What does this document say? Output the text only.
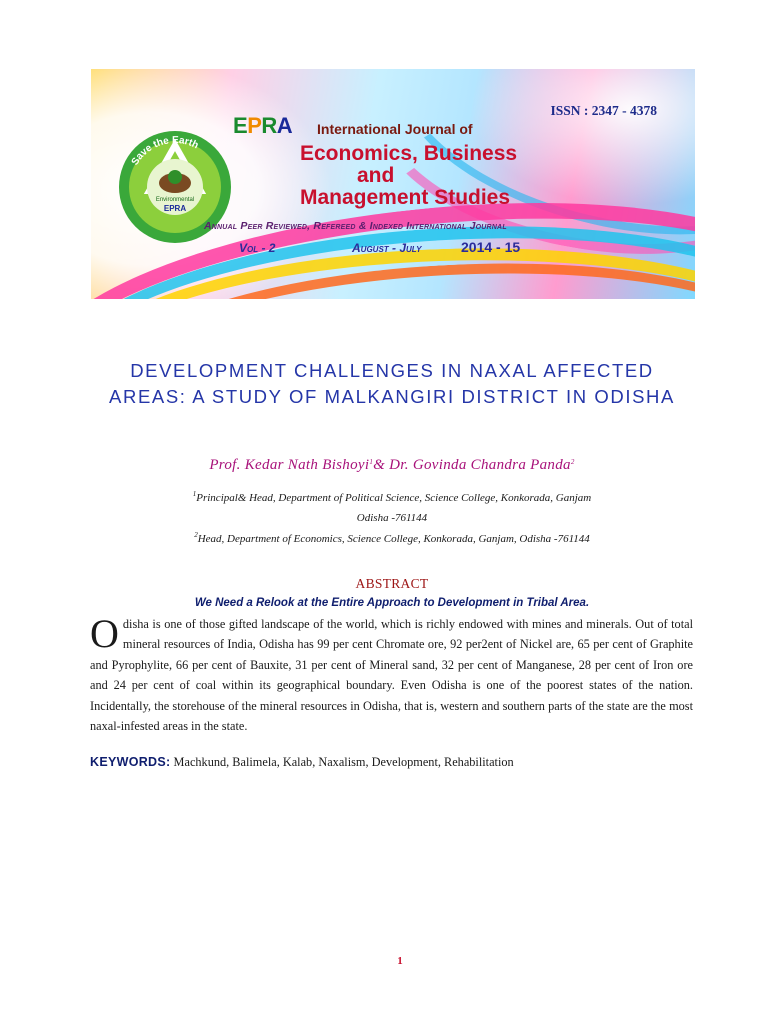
Save the Earth
Environmental
EPRA
ISSN : 2347 - 4378
EPRA International Journal of
Economics, Business
and
Management Studies
Annual Peer Reviewed, Refereed & Indexed International Journal
Vol - 2	August - July	2014 - 15
DEVELOPMENT CHALLENGES IN NAXAL AFFECTED AREAS: A STUDY OF MALKANGIRI DISTRICT IN ODISHA
Prof. Kedar Nath Bishoyi$^1$& Dr. Govinda Chandra Panda$^2$
$^1$Principal& Head, Department of Political Science, Science College, Konkorada, Ganjam
Odisha -761144
$^2$Head, Department of Economics, Science College, Konkorada, Ganjam, Odisha -761144
ABSTRACT
We Need a Relook at the Entire Approach to Development in Tribal Area.
Odisha is one of those gifted landscape of the world, which is richly endowed with mines and minerals. Out of total mineral resources of India, Odisha has 99 per cent Chromate ore, 92 per2ent of Nickel are, 65 per cent of Graphite and Pyrophylite, 66 per cent of Bauxite, 31 per cent of Mineral sand, 32 per cent of Manganese, 28 per cent of Iron ore and 24 per cent of coal within its geographical boundary. Even Odisha is one of the poorest states of the nation. Incidentally, the storehouse of the mineral resources in Odisha, that is, western and southern parts of the state are the most naxal-infested areas in the state.
KEYWORDS: Machkund, Balimela, Kalab, Naxalism, Development, Rehabilitation
1
